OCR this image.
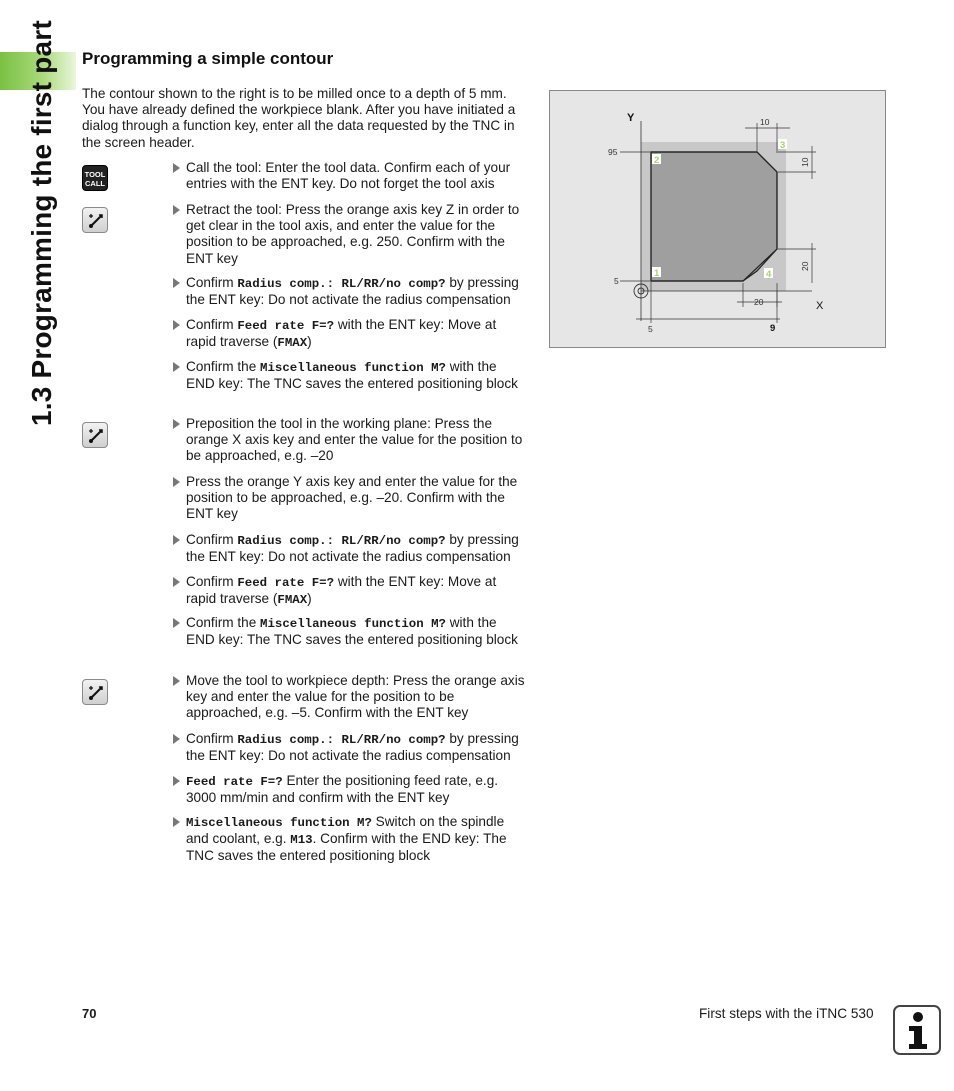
1.3 Programming the first part Programming a simple contour
The contour shown to the right is to be milled once to a depth of 5 mm. You have already defined the workpiece blank. After you have initiated a dialog through a function key, enter all the data requested by the TNC in the screen header.
TOOL
CALL
Call the tool: Enter the tool data. Confirm each of your entries with the ENT key. Do not forget the tool axis
Retract the tool: Press the orange axis key Z in order to get clear in the tool axis, and enter the value for the position to be approached, e.g. 250. Confirm with the ENT key
Confirm Radius comp.: RL/RR/no comp? by pressing the ENT key: Do not activate the radius compensation
Confirm Feed rate F=? with the ENT key: Move at rapid traverse (FMAX)
Confirm the Miscellaneous function M? with the END key: The TNC saves the entered positioning block
Preposition the tool in the working plane: Press the orange X axis key and enter the value for the position to be approached, e.g. –20
Press the orange Y axis key and enter the value for the position to be approached, e.g. –20. Confirm with the ENT key
Confirm Radius comp.: RL/RR/no comp? by pressing the ENT key: Do not activate the radius compensation
Confirm Feed rate F=? with the ENT key: Move at rapid traverse (FMAX)
Confirm the Miscellaneous function M? with the END key: The TNC saves the entered positioning block
Move the tool to workpiece depth: Press the orange axis key and enter the value for the position to be approached, e.g. –5. Confirm with the ENT key
Confirm Radius comp.: RL/RR/no comp? by pressing the ENT key: Do not activate the radius compensation
Feed rate F=? Enter the positioning feed rate, e.g. 3000 mm/min and confirm with the ENT key
Miscellaneous function M? Switch on the spindle and coolant, e.g. M13. Confirm with the END key: The TNC saves the entered positioning block
Y
X
10
10
20
20
95
5
5	9
1
2
3
4
70	First steps with the iTNC 530
